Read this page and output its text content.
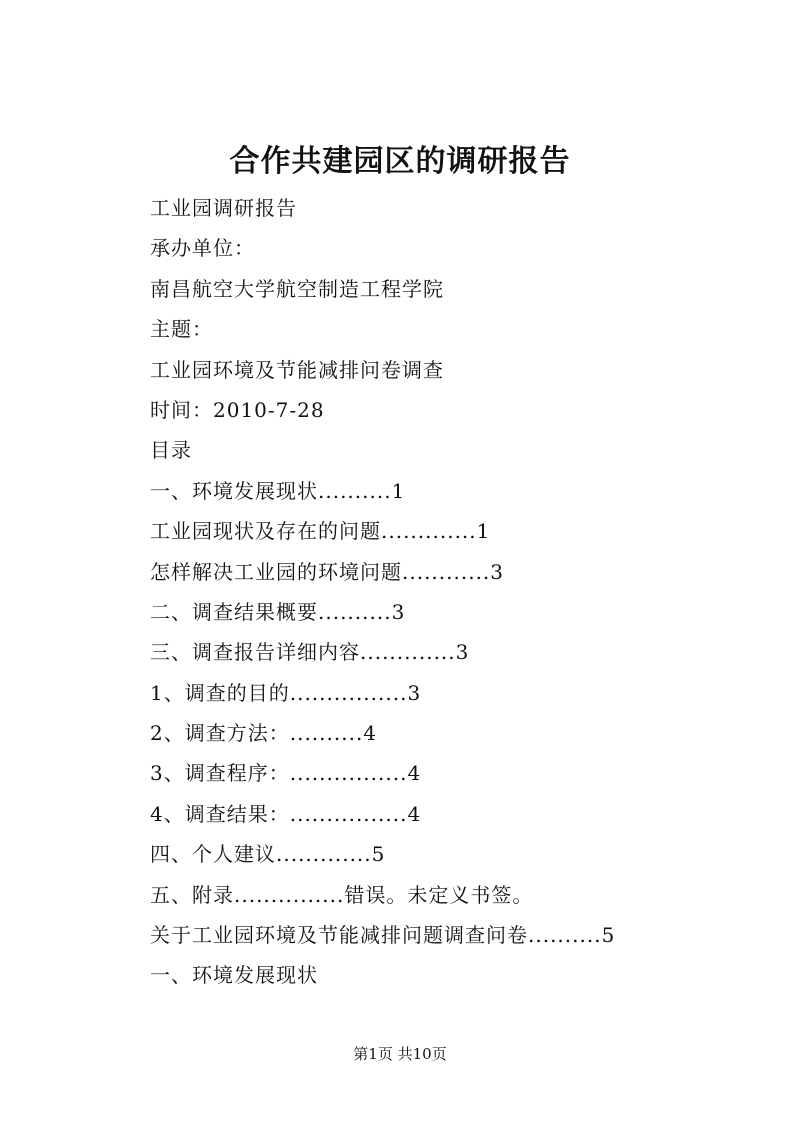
合作共建园区的调研报告
工业园调研报告
承办单位：
南昌航空大学航空制造工程学院
主题：
工业园环境及节能减排问卷调查
时间：2010-7-28
目录
一、环境发展现状..........1
工业园现状及存在的问题.............1
怎样解决工业园的环境问题............3
二、调查结果概要..........3
三、调查报告详细内容.............3
1、调查的目的................3
2、调查方法：..........4
3、调查程序：................4
4、调查结果：................4
四、个人建议.............5
五、附录...............错误。未定义书签。
关于工业园环境及节能减排问题调查问卷..........5
一、环境发展现状
第1页 共10页
